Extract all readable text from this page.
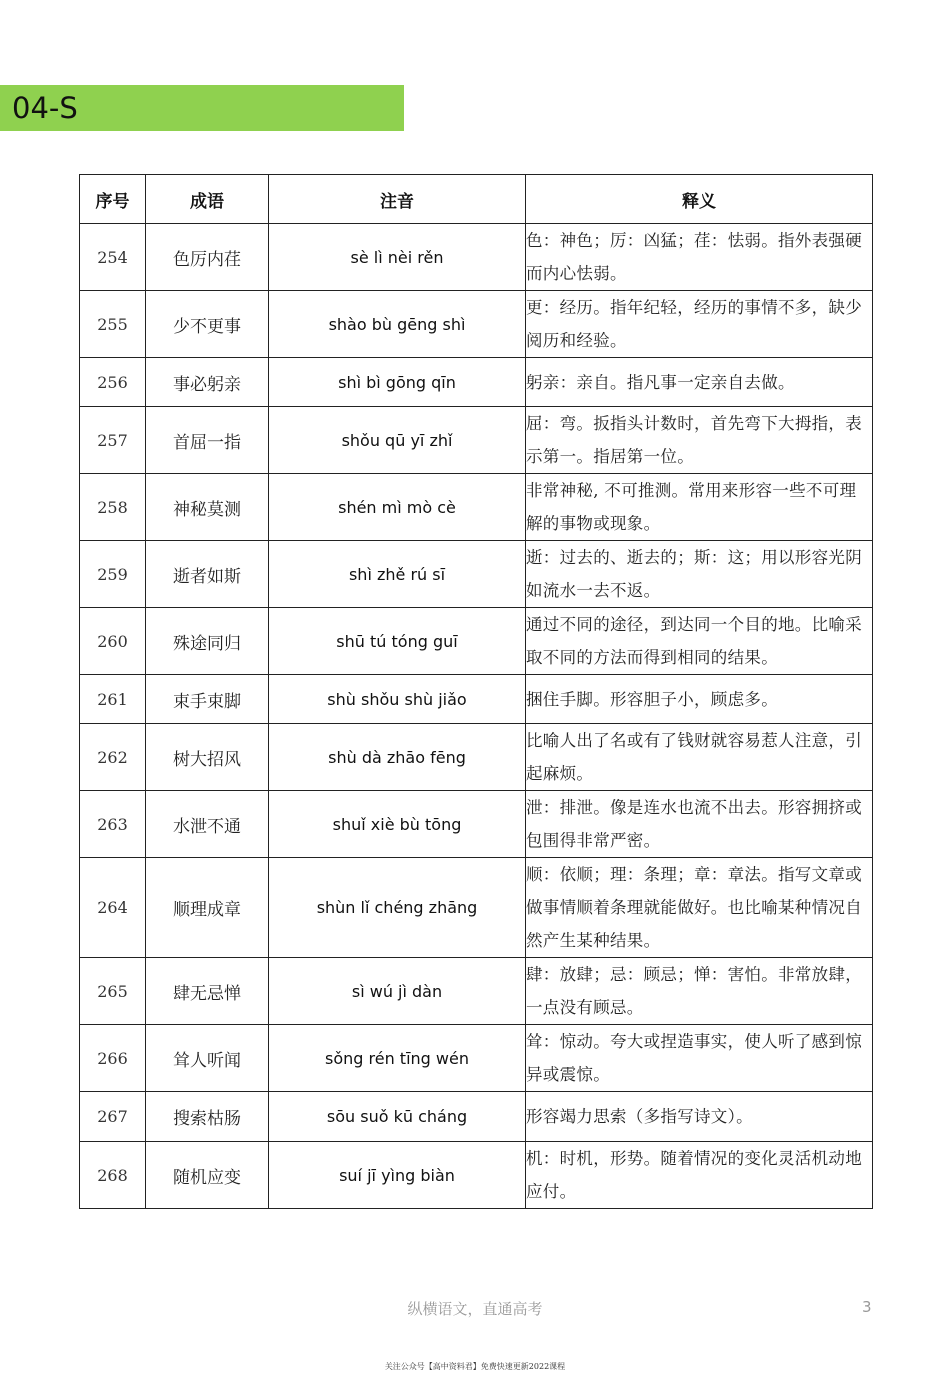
04-S
序号	成语	注音	释义
254	色厉内荏	sè lì nèi rěn	色：神色；厉：凶猛；荏：怯弱。指外表强硬而内心怯弱。
255	少不更事	shào bù gēng shì	更：经历。指年纪轻，经历的事情不多，缺少阅历和经验。
256	事必躬亲	shì bì gōng qīn	躬亲：亲自。指凡事一定亲自去做。
257	首屈一指	shǒu qū yī zhǐ	屈：弯。扳指头计数时，首先弯下大拇指，表示第一。指居第一位。
258	神秘莫测	shén mì mò cè	非常神秘, 不可推测。常用来形容一些不可理解的事物或现象。
259	逝者如斯	shì zhě rú sī	逝：过去的、逝去的；斯：这；用以形容光阴如流水一去不返。
260	殊途同归	shū tú tóng guī	通过不同的途径，到达同一个目的地。比喻采取不同的方法而得到相同的结果。
261	束手束脚	shù shǒu shù jiǎo	捆住手脚。形容胆子小，顾虑多。
262	树大招风	shù dà zhāo fēng	比喻人出了名或有了钱财就容易惹人注意，引起麻烦。
263	水泄不通	shuǐ xiè bù tōng	泄：排泄。像是连水也流不出去。形容拥挤或包围得非常严密。
264	顺理成章	shùn lǐ chéng zhāng	顺：依顺；理：条理；章：章法。指写文章或做事情顺着条理就能做好。也比喻某种情况自然产生某种结果。
265	肆无忌惮	sì wú jì dàn	肆：放肆；忌：顾忌；惮：害怕。非常放肆，一点没有顾忌。
266	耸人听闻	sǒng rén tīng wén	耸：惊动。夸大或捏造事实，使人听了感到惊异或震惊。
267	搜索枯肠	sōu suǒ kū cháng	形容竭力思索（多指写诗文）。
268	随机应变	suí jī yìng biàn	机：时机，形势。随着情况的变化灵活机动地应付。
纵横语文，直通高考	3
关注公众号【高中资料君】免费快速更新2022课程
